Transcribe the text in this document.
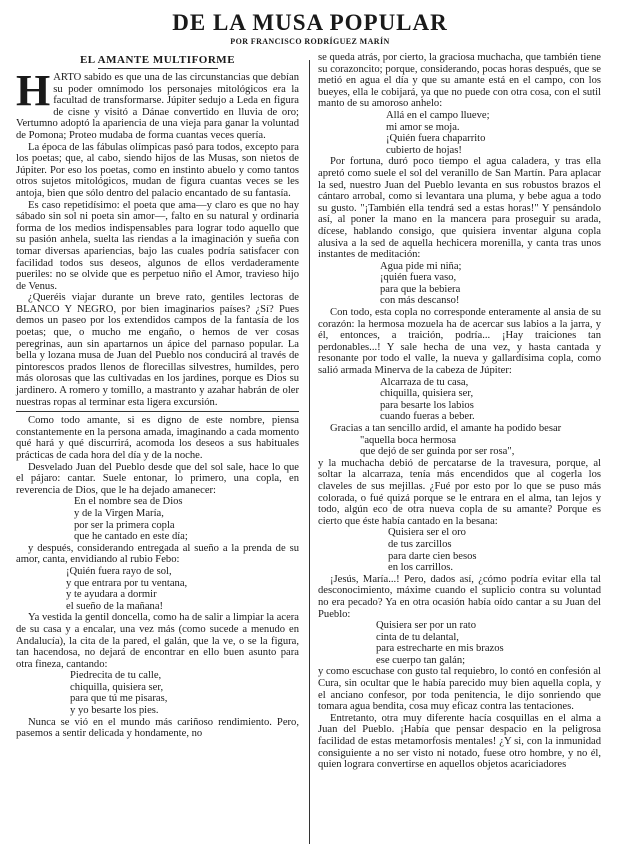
DE LA MUSA POPULAR
POR FRANCISCO RODRÍGUEZ MARÍN
EL AMANTE MULTIFORME

HARTO sabido es que una de las circunstancias que debían su poder omnímodo los personajes mitológicos era la facultad de transformarse. Júpiter sedujo a Leda en figura de cisne y visitó a Dánae convertido en lluvia de oro; Vertumno adoptó la apariencia de una vieja para ganar la voluntad de Pomona; Proteo mudaba de forma cuantas veces quería.

La época de las fábulas olímpicas pasó para todos, excepto para los poetas; que, al cabo, siendo hijos de las Musas, son nietos de Júpiter. Por eso los poetas, como en instinto abuelo y como tantos otros sujetos mitológicos, mudan de figura cuantas veces se les antoja, bien que sólo dentro del palacio encantado de su fantasía.

Es caso repetidísimo: el poeta que ama—y claro es que no hay sábado sin sol ni poeta sin amor—, falto en su natural y ordinaria forma de los medios indispensables para lograr todo aquello que su pasión anhela, suelta las riendas a la imaginación y sueña con tomar diversas apariencias, bajo las cuales podría satisfacer con facilidad todos sus deseos, algunos de ellos verdaderamente pueriles: no se olvide que es perpetuo niño el Amor, travieso hijo de Venus.

¿Queréis viajar durante un breve rato, gentiles lectoras de BLANCO Y NEGRO, por bien imaginarios países? ¿Sí? Pues demos un paseo por los extendidos campos de la fantasía de los poetas; que, o mucho me engaño, o hemos de ver cosas peregrinas, aun sin apartarnos un ápice del parnaso popular. La bella y lozana musa de Juan del Pueblo nos conducirá al través de pintorescos prados llenos de florecillas silvestres, humildes, pero más olorosas que las cultivadas en los jardines, porque es Dios su jardinero. A romero y tomillo, a mastranto y azahar habrán de oler nuestras ropas al terminar esta ligera excursión.

Como todo amante, si es digno de este nombre, piensa constantemente en la persona amada, imaginando a cada momento qué hará y qué discurrirá, acomoda los deseos a sus habituales prácticas de cada hora del día y de la noche.

Desvelado Juan del Pueblo desde que del sol sale, hace lo que el pájaro: cantar. Suele entonar, lo primero, una copla, en reverencia de Dios, que le ha dejado amanecer:

En el nombre sea de Dios
y de la Virgen María,
por ser la primera copla
que he cantado en este día;

y después, considerando entregada al sueño a la prenda de su amor, canta, envidiando al rubio Febo:

¡Quién fuera rayo de sol,
y que entrara por tu ventana,
y te ayudara a dormir
el sueño de la mañana!

Ya vestida la gentil doncella, como ha de salir a limpiar la acera de su casa y a encalar, una vez más (como sucede a menudo en Andalucía), la cita de la pared, el galán, que la ve, o se la figura, tan hacendosa, no dejará de encontrar en ello buen asunto para otra fineza, cantando:

Piedrecita de tu calle,
chiquilla, quisiera ser,
para que tú me pisaras,
y yo besarte los pies.

Nunca se vió en el mundo más cariñoso rendimiento. Pero, pasemos a sentir delicada y hondamente, no

se queda atrás, por cierto, la graciosa muchacha, que también tiene su corazoncito; porque, considerando, pocas horas después, que se metió en agua el día y que su amante está en el campo, con los bueyes, ella le cobijará, ya que no puede con otra cosa, con el sutil manto de su amoroso anhelo:

Allá en el campo llueve;
mi amor se moja.
¡Quién fuera chaparrito
cubierto de hojas!

Por fortuna, duró poco tiempo el agua caladera, y tras ella apretó como suele el sol del veranillo de San Martín. Para aplacar la sed, nuestro Juan del Pueblo levanta en sus robustos brazos el cántaro arrobal, como si levantara una pluma, y bebe agua a todo su gusto. "¡También ella tendrá sed a estas horas!" Y pensándolo así, al poner la mano en la mancera para proseguir su arada, dícese, hablando consigo, que quisiera inventar alguna copla alusiva a la sed de aquella hechicera morenilla, y canta tras unos instantes de meditación:

Agua pide mi niña;
¡quién fuera vaso,
para que la bebiera
con más descanso!

Con todo, esta copla no corresponde enteramente al ansia de su corazón: la hermosa mozuela ha de acercar sus labios a la jarra, y él, entonces, a traición, podría... ¡Hay traiciones tan perdonables...! Y sale hecha de una vez, y hasta cantada y resonante por todo el valle, la nueva y gallardísima copla, como salió armada Minerva de la cabeza de Júpiter:

Alcarraza de tu casa,
chiquilla, quisiera ser,
para besarte los labios
cuando fueras a beber.

Gracias a tan sencillo ardid, el amante ha podido besar

"aquella boca hermosa
que dejó de ser guinda por ser rosa",

y la muchacha debió de percatarse de la travesura, porque, al soltar la alcarraza, tenía más encendidos que al cogerla los claveles de sus mejillas. ¿Fué por esto por lo que se puso más colorada, o fué quizá porque se le entrara en el alma, tan lejos y todo, algún eco de otra nueva copla de su amante? Porque es cierto que éste había cantado en la besana:

Quisiera ser el oro
de tus zarcillos
para darte cien besos
en los carrillos.

¡Jesús, María...! Pero, dados así, ¿cómo podría evitar ella tal desconocimiento, máxime cuando el suplicio contra su voluntad no era pecado? Ya en otra ocasión había oído cantar a su Juan del Pueblo:

Quisiera ser por un rato
cinta de tu delantal,
para estrecharte en mis brazos
ese cuerpo tan galán;

y como escuchase con gusto tal requiebro, lo contó en confesión al Cura, sin ocultar que le había parecido muy bien aquella copla, y el anciano confesor, por toda penitencia, le dijo sonriendo que tomara agua bendita, cosa muy eficaz contra las tentaciones.

Entretanto, otra muy diferente hacía cosquillas en el alma a Juan del Pueblo. ¡Había que pensar despacio en la peligrosa facilidad de estas metamorfosis mentales! ¿Y si, con la inmunidad consiguiente a no ser visto ni notado, fuese otro hombre, y no él, quien lograra convertirse en aquellos objetos acariciadores
